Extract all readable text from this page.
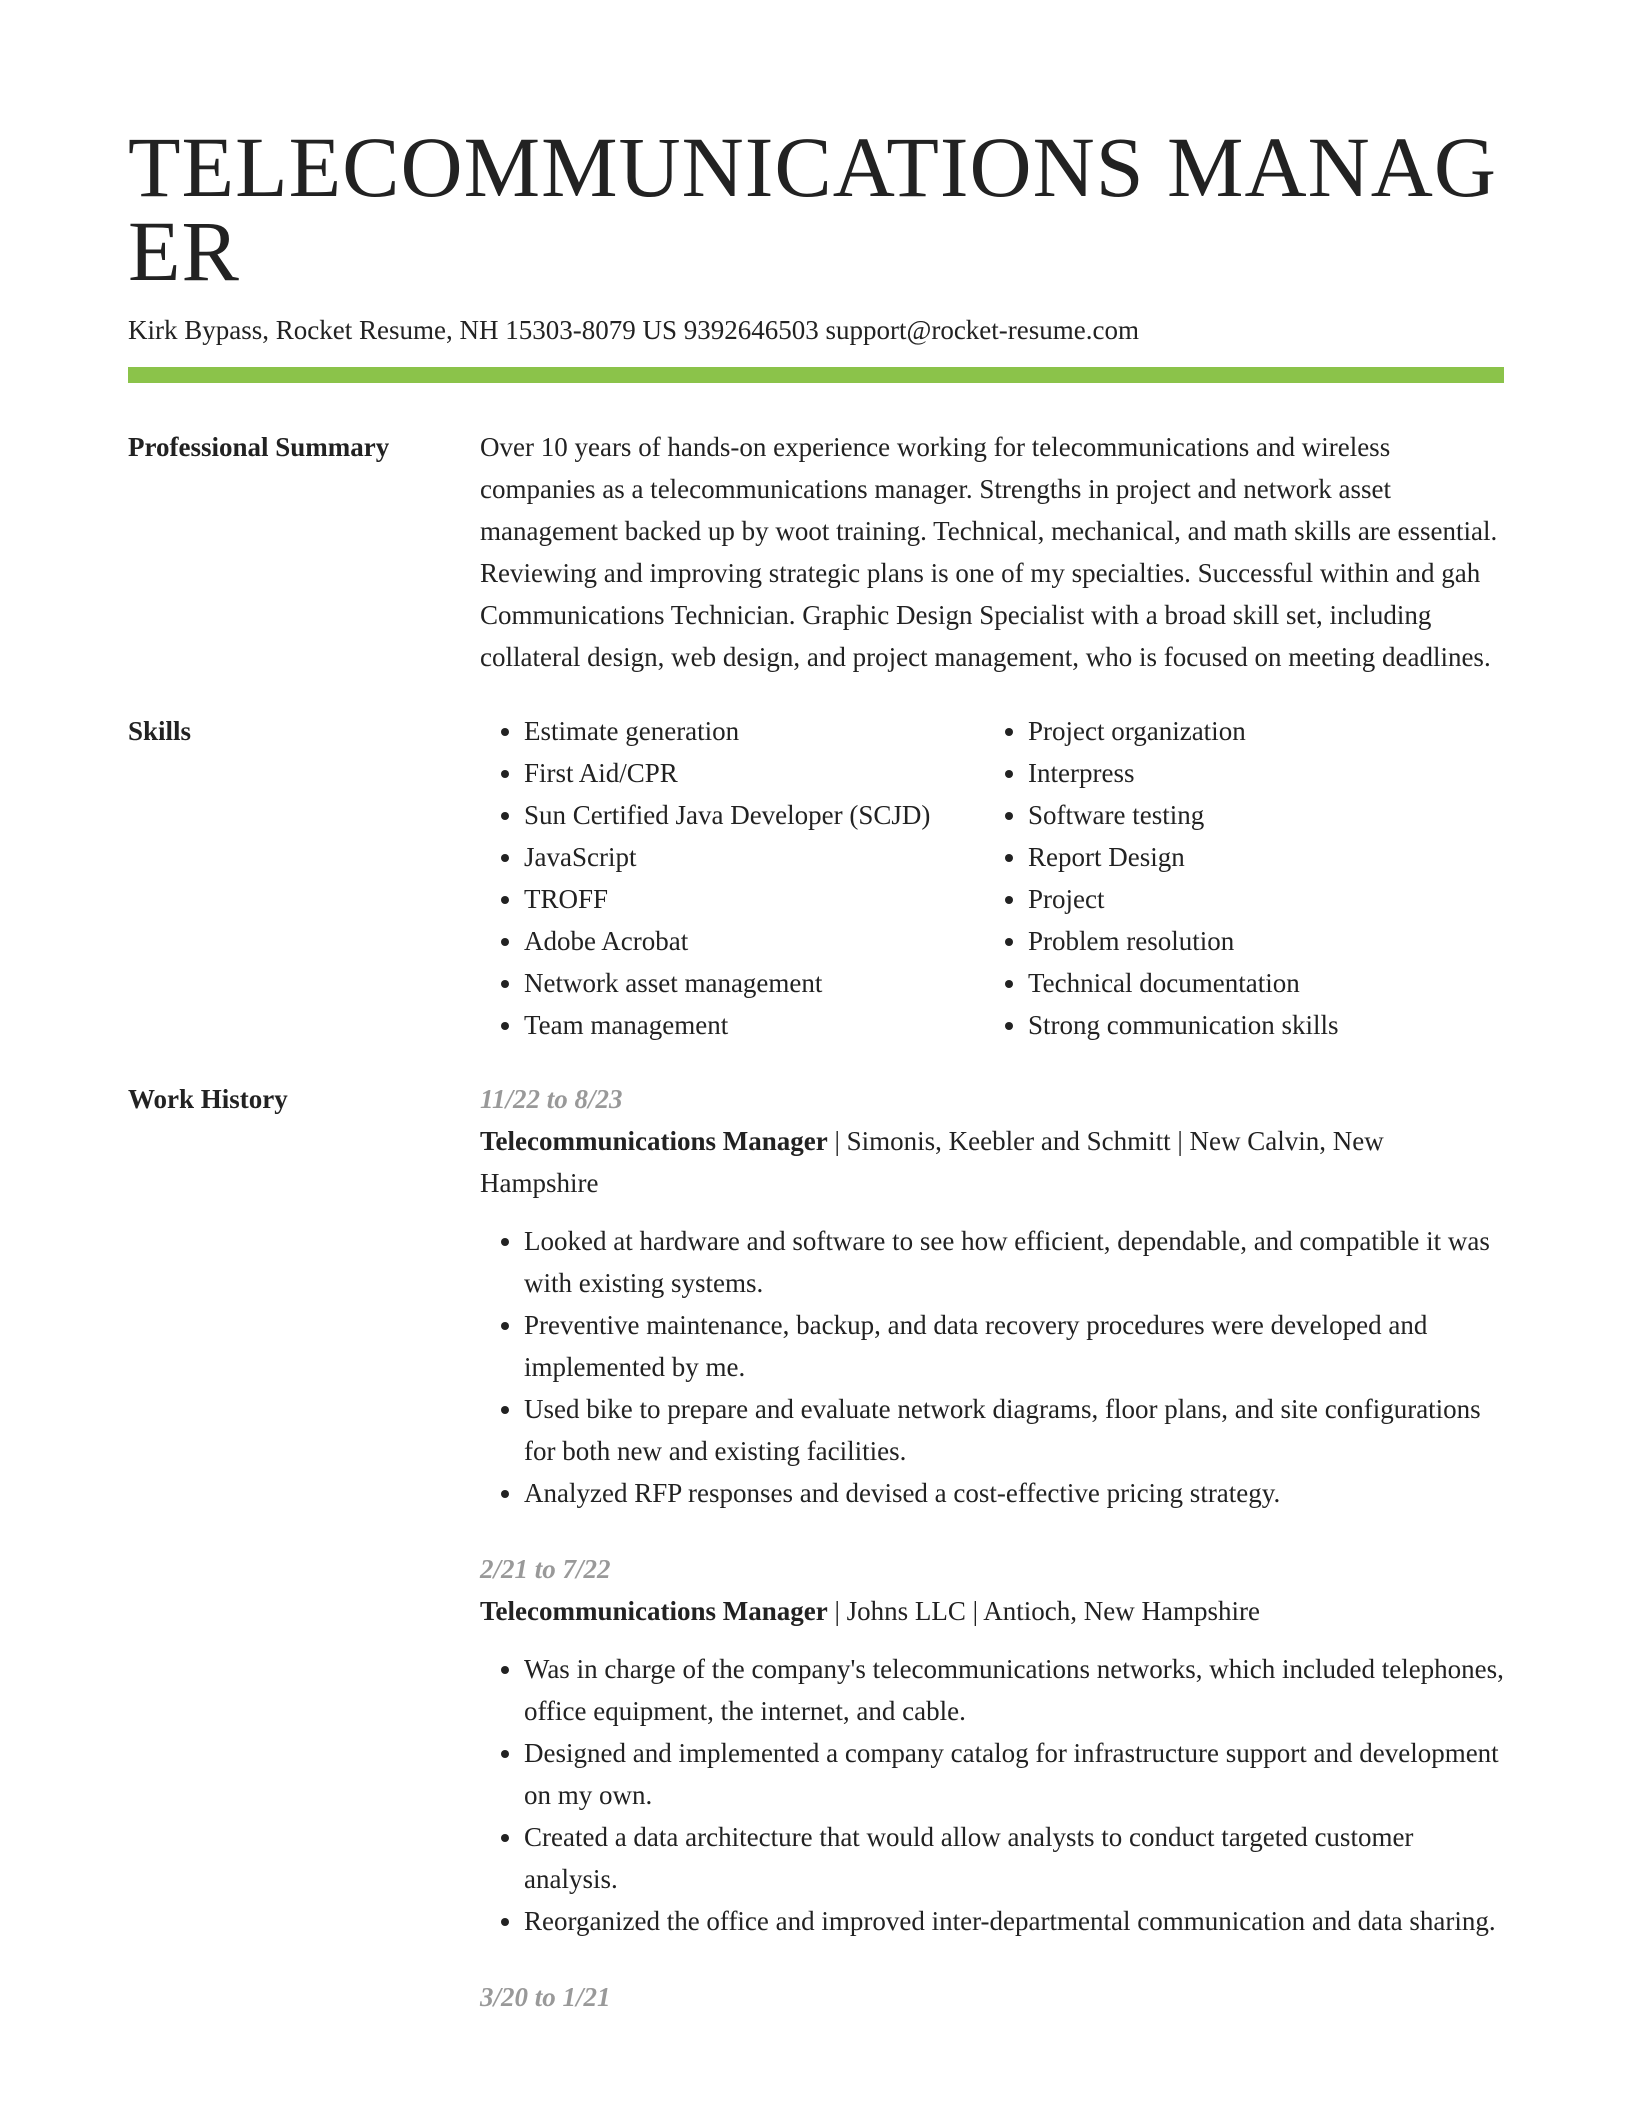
TELECOMMUNICATIONS MANAGER
Kirk Bypass, Rocket Resume, NH 15303-8079 US 9392646503 support@rocket-resume.com
Professional Summary	Over 10 years of hands-on experience working for telecommunications and wireless companies as a telecommunications manager. Strengths in project and network asset management backed up by woot training. Technical, mechanical, and math skills are essential. Reviewing and improving strategic plans is one of my specialties. Successful within and gah Communications Technician. Graphic Design Specialist with a broad skill set, including collateral design, web design, and project management, who is focused on meeting deadlines.
Skills
•	Estimate generation
• First Aid/CPR
• Sun Certified Java Developer (SCJD)
• JavaScript
• TROFF
• Adobe Acrobat
• Network asset management
• Team management
• Project organization
• Interpress
• Software testing
• Report Design
• Project
• Problem resolution
• Technical documentation
• Strong communication skills
Work History	11/22 to 8/23
Telecommunications Manager | Simonis, Keebler and Schmitt | New Calvin, New Hampshire
• Looked at hardware and software to see how efficient, dependable, and compatible it was with existing systems.
• Preventive maintenance, backup, and data recovery procedures were developed and implemented by me.
• Used bike to prepare and evaluate network diagrams, floor plans, and site configurations for both new and existing facilities.
• Analyzed RFP responses and devised a cost-effective pricing strategy.
2/21 to 7/22
Telecommunications Manager | Johns LLC | Antioch, New Hampshire
• Was in charge of the company's telecommunications networks, which included telephones, office equipment, the internet, and cable.
• Designed and implemented a company catalog for infrastructure support and development on my own.
• Created a data architecture that would allow analysts to conduct targeted customer analysis.
• Reorganized the office and improved inter-departmental communication and data sharing.
3/20 to 1/21
